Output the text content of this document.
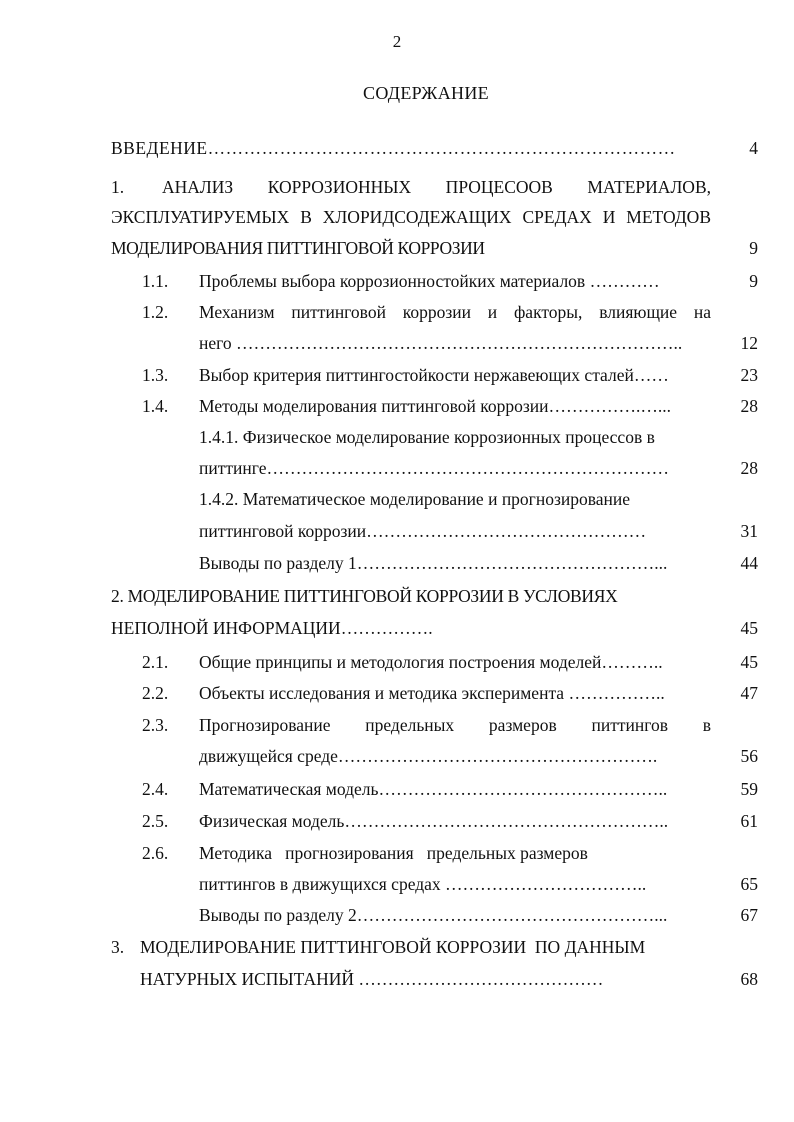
2
СОДЕРЖАНИЕ
ВВЕДЕНИЕ……………………………………………………………………	4
1. АНАЛИЗ КОРРОЗИОННЫХ ПРОЦЕСООВ МАТЕРИАЛОВ,
ЭКСПЛУАТИРУЕМЫХ В ХЛОРИДСОДЕЖАЩИХ СРЕДАХ И МЕТОДОВ
МОДЕЛИРОВАНИЯ ПИТТИНГОВОЙ КОРРОЗИИ	9
1.1. Проблемы выбора коррозионностойких материалов …………	9
1.2. Механизм питтинговой коррозии и факторы, влияющие на
него …………………………………………………………………..	12
1.3. Выбор критерия питтингостойкости нержавеющих сталей……	23
1.4. Методы моделирования питтинговой коррозии…………….…...	28
1.4.1. Физическое моделирование коррозионных процессов в
питтинге……………………………………………………………	28
1.4.2. Математическое моделирование и прогнозирование
питтинговой коррозии…………………………………………	31
Выводы по разделу 1……………………………………………...	44
2. МОДЕЛИРОВАНИЕ ПИТТИНГОВОЙ КОРРОЗИИ В УСЛОВИЯХ
НЕПОЛНОЙ ИНФОРМАЦИИ…………….	45
2.1. Общие принципы и методология построения моделей………..	45
2.2. Объекты исследования и методика эксперимента ……………..	47
2.3. Прогнозирование предельных размеров питтингов в
движущейся среде……………………………………………….	56
2.4. Математическая модель…………………………………………..	59
2.5. Физическая модель………………………………………………..	61
2.6. Методика   прогнозирования   предельных размеров
питтингов в движущихся средах ……………………………..	65
Выводы по разделу 2……………………………………………...	67
3. МОДЕЛИРОВАНИЕ ПИТТИНГОВОЙ КОРРОЗИИ  ПО ДАННЫМ
НАТУРНЫХ ИСПЫТАНИЙ ……………………………………	68
